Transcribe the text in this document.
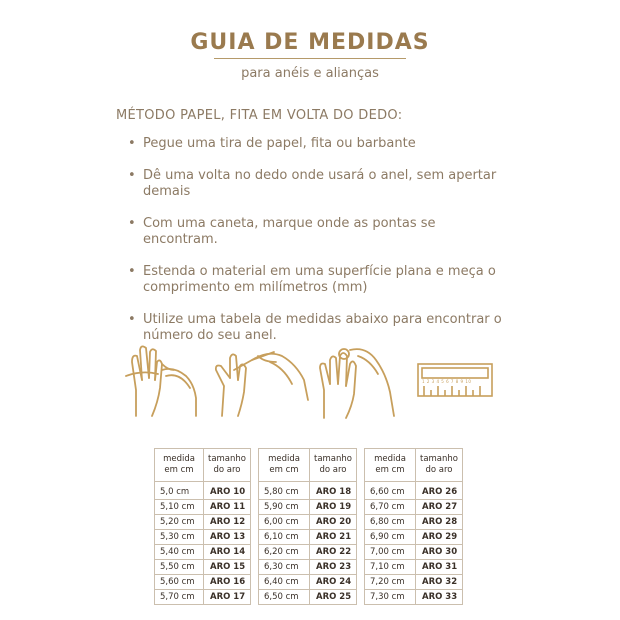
GUIA DE MEDIDAS
para anéis e alianças
MÉTODO PAPEL, FITA EM VOLTA DO DEDO:
• Pegue uma tira de papel, fita ou barbante
• Dê uma volta no dedo onde usará o anel, sem apertar demais
• Com uma caneta, marque onde as pontas se encontram.
• Estenda o material em uma superfície plana e meça o comprimento em milímetros (mm)
• Utilize uma tabela de medidas abaixo para encontrar o número do seu anel.
1 2 3 4 5 6 7 8 9 10
medida
em cm	tamanho
do aro
5,0 cm	ARO 10
5,10 cm	ARO 11
5,20 cm	ARO 12
5,30 cm	ARO 13
5,40 cm	ARO 14
5,50 cm	ARO 15
5,60 cm	ARO 16
5,70 cm	ARO 17
medida
em cm	tamanho
do aro
5,80 cm	ARO 18
5,90 cm	ARO 19
6,00 cm	ARO 20
6,10 cm	ARO 21
6,20 cm	ARO 22
6,30 cm	ARO 23
6,40 cm	ARO 24
6,50 cm	ARO 25
medida
em cm	tamanho
do aro
6,60 cm	ARO 26
6,70 cm	ARO 27
6,80 cm	ARO 28
6,90 cm	ARO 29
7,00 cm	ARO 30
7,10 cm	ARO 31
7,20 cm	ARO 32
7,30 cm	ARO 33
